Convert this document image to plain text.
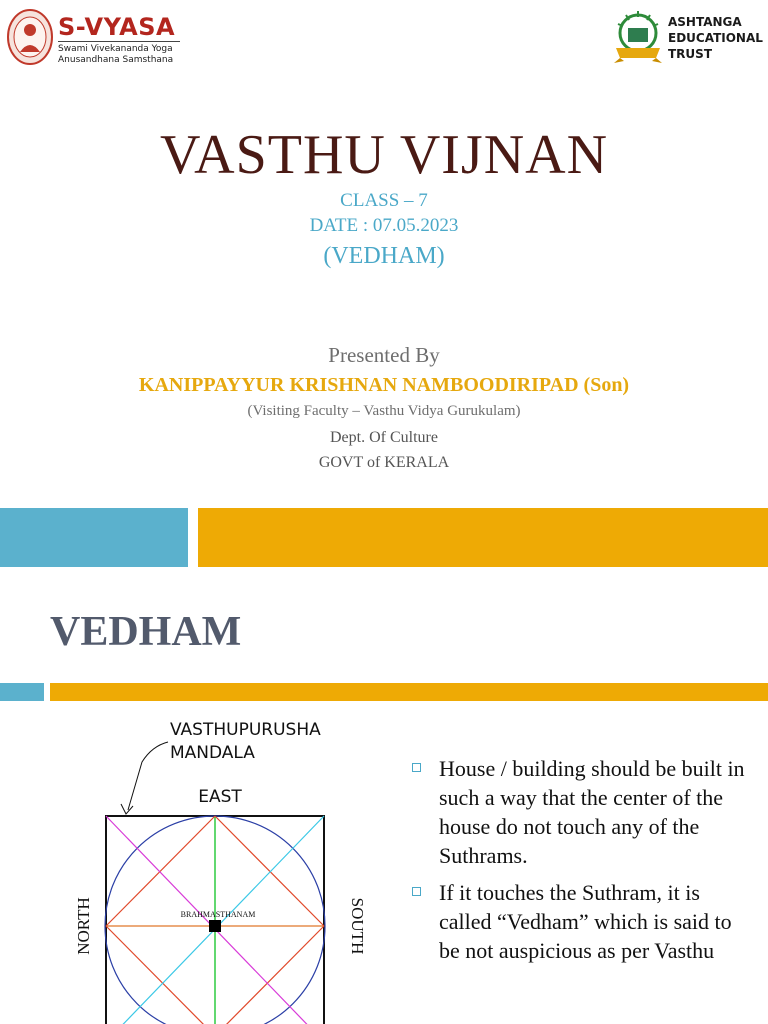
S-VYASA
Swami Vivekananda Yoga
Anusandhana Samsthana
ASHTANGA
EDUCATIONAL
TRUST
VASTHU VIJNAN
CLASS – 7
DATE : 07.05.2023
(VEDHAM)
Presented By
KANIPPAYYUR KRISHNAN NAMBOODIRIPAD (Son)
(Visiting Faculty – Vasthu Vidya Gurukulam)
Dept. Of Culture
GOVT of KERALA
VEDHAM
VASTHUPURUSHA
MANDALA
EAST
NORTH	SOUTH
BRAHMASTHANAM
House / building should be built in such a way that the center of the house do not touch any of the Suthrams.
If it touches the Suthram, it is called “Vedham” which is said to be not auspicious as per Vasthu
